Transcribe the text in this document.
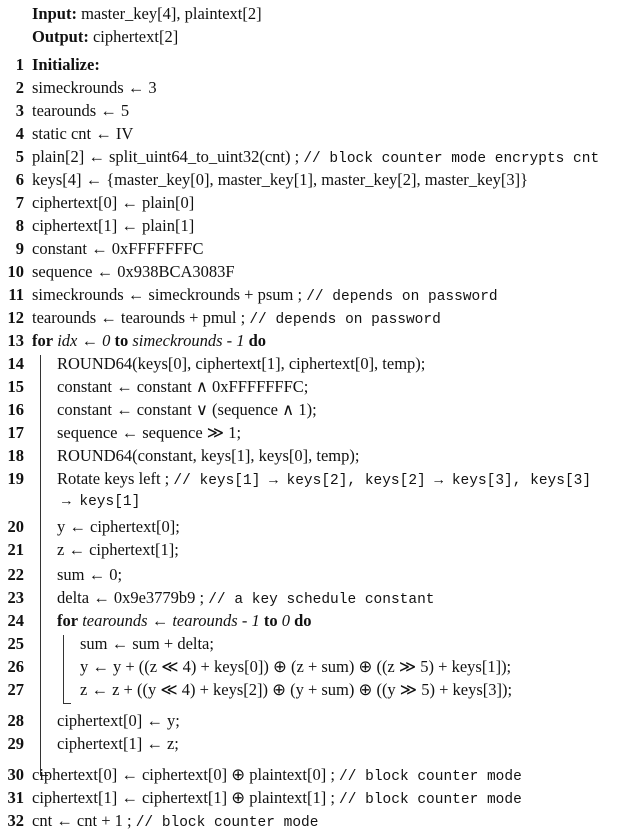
Input: master_key[4], plaintext[2]
Output: ciphertext[2]
1 Initialize:
2 simeckrounds ← 3
3 tearounds ← 5
4 static cnt ← IV
5 plain[2] ← split_uint64_to_uint32(cnt) ; // block counter mode encrypts cnt
6 keys[4] ← {master_key[0], master_key[1], master_key[2], master_key[3]}
7 ciphertext[0] ← plain[0]
8 ciphertext[1] ← plain[1]
9 constant ← 0xFFFFFFFC
10 sequence ← 0x938BCA3083F
11 simeckrounds ← simeckrounds + psum ; // depends on password
12 tearounds ← tearounds + pmul ; // depends on password
13 for idx ← 0 to simeckrounds - 1 do
14 ROUND64(keys[0], ciphertext[1], ciphertext[0], temp);
15 constant ← constant ∧ 0xFFFFFFFC;
16 constant ← constant ∨ (sequence ∧ 1);
17 sequence ← sequence ≫ 1;
18 ROUND64(constant, keys[1], keys[0], temp);
19 Rotate keys left ; // keys[1] → keys[2], keys[2] → keys[3], keys[3]
→ keys[1]
20 y ← ciphertext[0];
21 z ← ciphertext[1];
22 sum ← 0;
23 delta ← 0x9e3779b9 ; // a key schedule constant
24 for tearounds ← tearounds - 1 to 0 do
25	sum ← sum + delta;
26	y ← y + ((z ≪ 4) + keys[0]) ⊕ (z + sum) ⊕ ((z ≫ 5) + keys[1]);
27	z ← z + ((y ≪ 4) + keys[2]) ⊕ (y + sum) ⊕ ((y ≫ 5) + keys[3]);
28 ciphertext[0] ← y;
29 ciphertext[1] ← z;
30 ciphertext[0] ← ciphertext[0] ⊕ plaintext[0] ; // block counter mode
31 ciphertext[1] ← ciphertext[1] ⊕ plaintext[1] ; // block counter mode
32 cnt ← cnt + 1 ; // block counter mode
